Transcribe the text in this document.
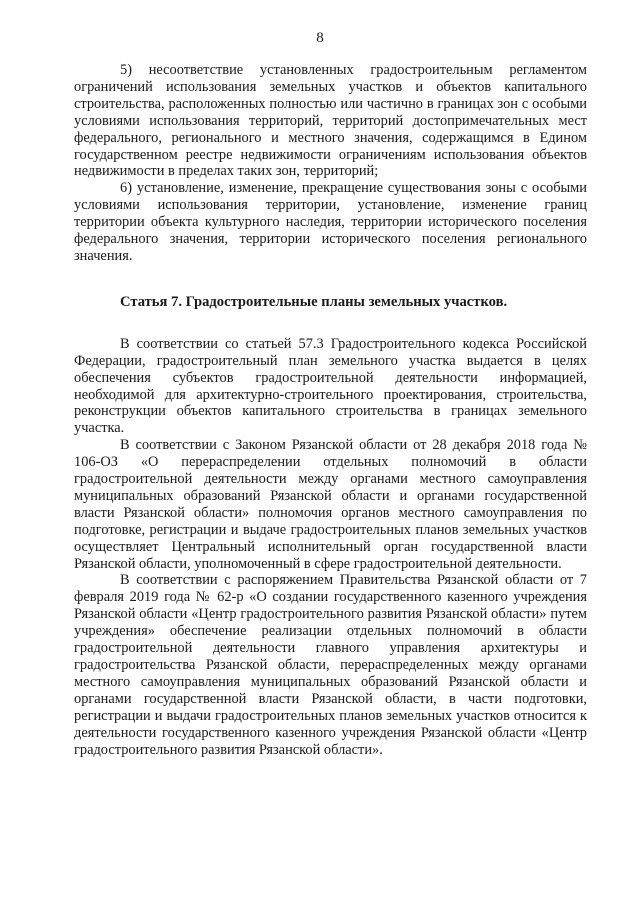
8

5) несоответствие установленных градостроительным регламентом ограничений использования земельных участков и объектов капитального строительства, расположенных полностью или частично в границах зон с особыми условиями использования территорий, территорий достопримечательных мест федерального, регионального и местного значения, содержащимся в Едином государственном реестре недвижимости ограничениям использования объектов недвижимости в пределах таких зон, территорий;

6) установление, изменение, прекращение существования зоны с особыми условиями использования территории, установление, изменение границ территории объекта культурного наследия, территории исторического поселения федерального значения, территории исторического поселения регионального значения.

Статья 7. Градостроительные планы земельных участков.

В соответствии со статьей 57.3 Градостроительного кодекса Российской Федерации, градостроительный план земельного участка выдается в целях обеспечения субъектов градостроительной деятельности информацией, необходимой для архитектурно-строительного проектирования, строительства, реконструкции объектов капитального строительства в границах земельного участка.

В соответствии с Законом Рязанской области от 28 декабря 2018 года № 106-ОЗ «О перераспределении отдельных полномочий в области градостроительной деятельности между органами местного самоуправления муниципальных образований Рязанской области и органами государственной власти Рязанской области» полномочия органов местного самоуправления по подготовке, регистрации и выдаче градостроительных планов земельных участков осуществляет Центральный исполнительный орган государственной власти Рязанской области, уполномоченный в сфере градостроительной деятельности.

В соответствии с распоряжением Правительства Рязанской области от 7 февраля 2019 года № 62-р «О создании государственного казенного учреждения Рязанской области «Центр градостроительного развития Рязанской области» путем учреждения» обеспечение реализации отдельных полномочий в области градостроительной деятельности главного управления архитектуры и градостроительства Рязанской области, перераспределенных между органами местного самоуправления муниципальных образований Рязанской области и органами государственной власти Рязанской области, в части подготовки, регистрации и выдачи градостроительных планов земельных участков относится к деятельности государственного казенного учреждения Рязанской области «Центр градостроительного развития Рязанской области».
